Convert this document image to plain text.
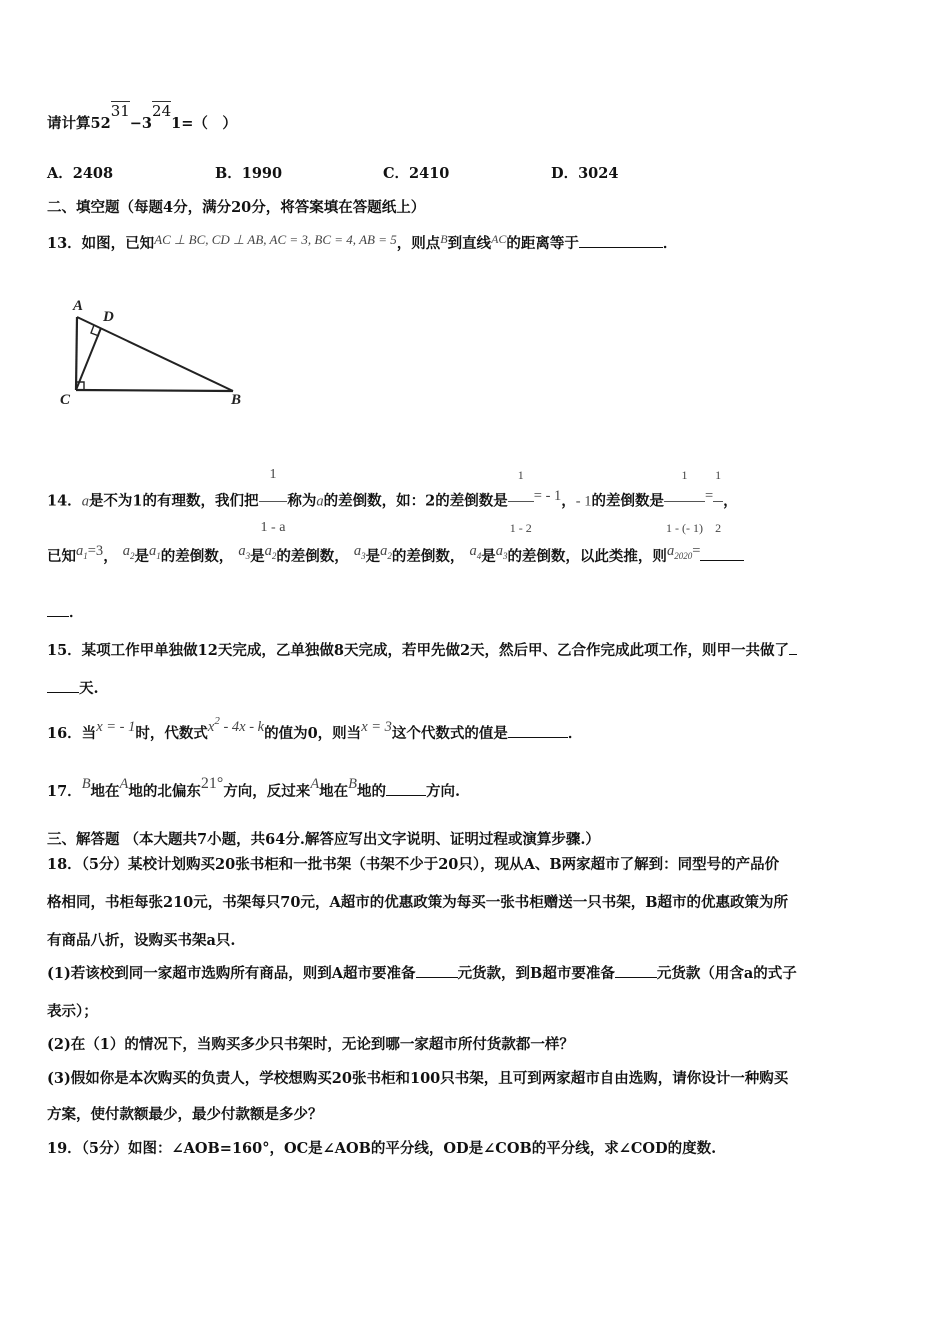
请计算5231−3241=（　）
A．2408	B．1990	C．2410	D．3024
二、填空题（每题4分，满分20分，将答案填在答题纸上）
13．如图，已知AC ⊥ BC, CD ⊥ AB, AC = 3, BC = 4, AB = 5，则点$^B$到直线$^{AC}$的距离等于	．
A
D
C	B
14．a是不为1的有理数，我们把 $\frac{1}{1 - a}$ 称为a的差倒数，如：2的差倒数是 $\frac{1}{1 - 2}$ = - 1，- 1的差倒数是 $\frac{1}{1 - (- 1)} = \frac{1}{2}$ ，
已知a1=3， a2是a1的差倒数， a3是a2的差倒数， a3是a2的差倒数， a4是a3的差倒数，以此类推，则a2020=
．
15．某项工作甲单独做12天完成，乙单独做8天完成，若甲先做2天，然后甲、乙合作完成此项工作，则甲一共做了
天.
16．当x = - 1时，代数式$x^2 - 4x$ - k的值为0，则当x = 3这个代数式的值是	．
17．B地在A地的北偏东21°方向，反过来A地在B地的	方向.
三、解答题 （本大题共7小题，共64分.解答应写出文字说明、证明过程或演算步骤.）
18．（5分）某校计划购买20张书柜和一批书架（书架不少于20只），现从A、B两家超市了解到：同型号的产品价
格相同，书柜每张210元，书架每只70元，A超市的优惠政策为每买一张书柜赠送一只书架，B超市的优惠政策为所
有商品八折，设购买书架a只.
(1)若该校到同一家超市选购所有商品，则到A超市要准备	元货款，到B超市要准备	元货款（用含a的式子
表示）；
(2)在（1）的情况下，当购买多少只书架时，无论到哪一家超市所付货款都一样？
(3)假如你是本次购买的负责人，学校想购买20张书柜和100只书架，且可到两家超市自由选购，请你设计一种购买
方案，使付款额最少，最少付款额是多少？
19．（5分）如图：∠AOB=160°，OC是∠AOB的平分线，OD是∠COB的平分线，求∠COD的度数.
